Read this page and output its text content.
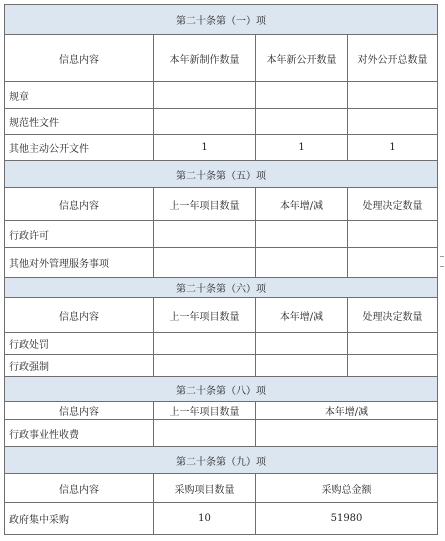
第二十条第（一）项			
信息内容	本年新制作数量	本年新公开数量	对外公开总数量
规章			
规范性文件			
其他主动公开文件	1	1	1
第二十条第（五）项			
信息内容	上一年项目数量	本年增/减	处理决定数量
行政许可			
其他对外管理服务事项			
第二十条第（六）项			
信息内容	上一年项目数量	本年增/减	处理决定数量
行政处罚			
行政强制			
第二十条第（八）项			
信息内容	上一年项目数量	本年增/减	
行政事业性收费			
第二十条第（九）项			
信息内容	采购项目数量	采购总金额	
政府集中采购	10	51980	
